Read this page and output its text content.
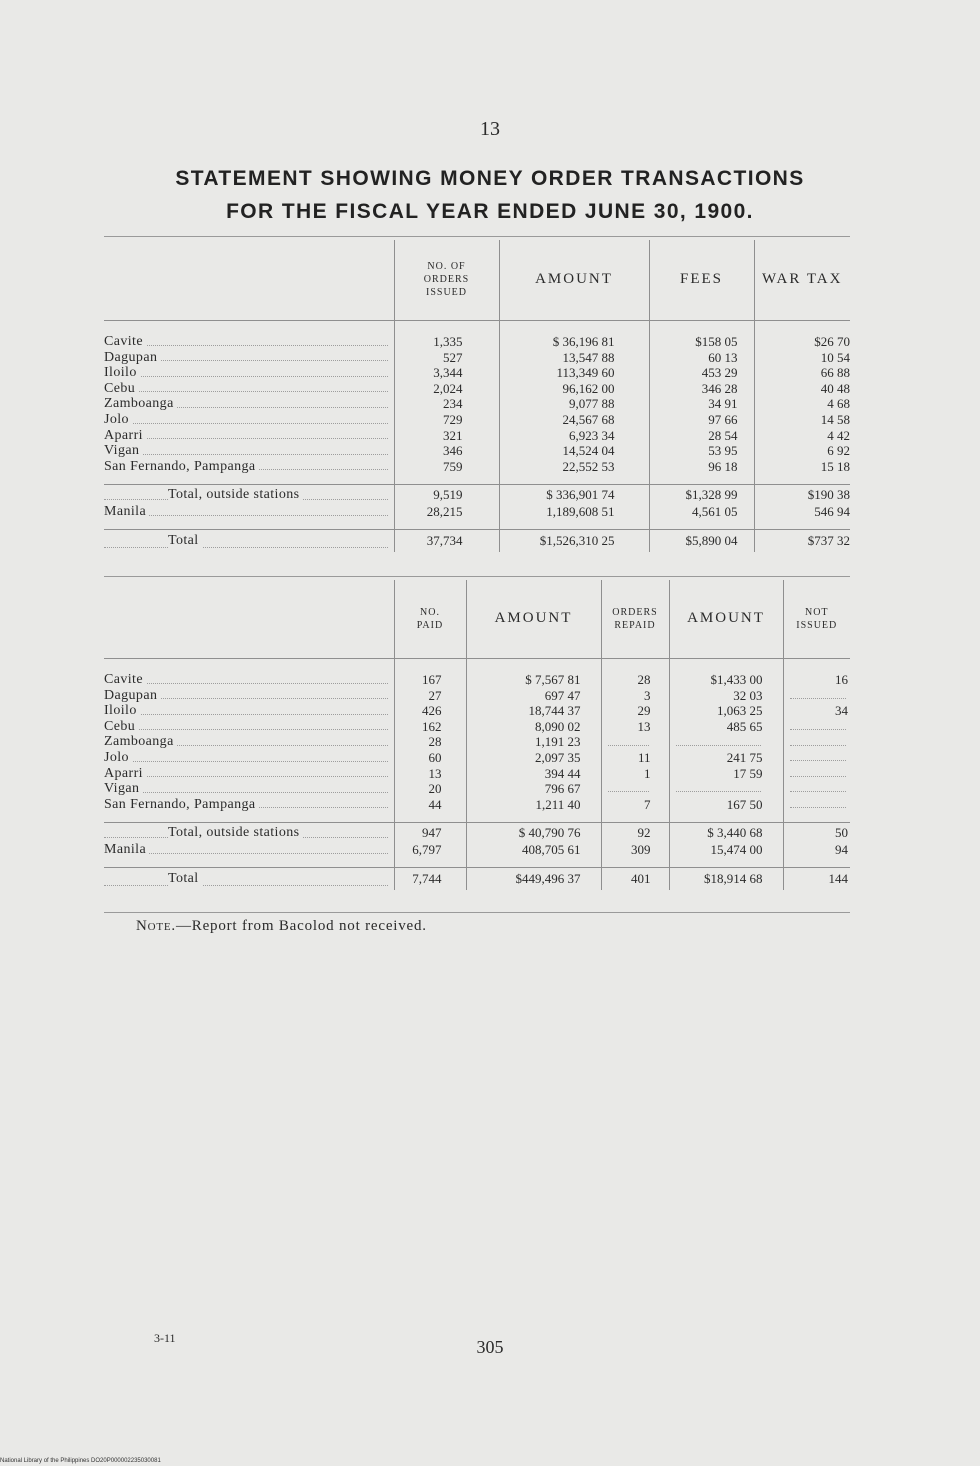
13
STATEMENT SHOWING MONEY ORDER TRANSACTIONS
FOR THE FISCAL YEAR ENDED JUNE 30, 1900.
	NO. OF ORDERS ISSUED	AMOUNT	FEES	WAR TAX

Cavite	1,335	$ 36,196 81	$158 05	$26 70
Dagupan	527	13,547 88	60 13	10 54
Iloilo	3,344	113,349 60	453 29	66 88
Cebu	2,024	96,162 00	346 28	40 48
Zamboanga	234	9,077 88	34 91	4 68
Jolo	729	24,567 68	97 66	14 58
Aparri	321	6,923 34	28 54	4 42
Vigan	346	14,524 04	53 95	6 92
San Fernando, Pampanga	759	22,552 53	96 18	15 18

Total, outside stations	9,519	$ 336,901 74	$1,328 99	$190 38
Manila	28,215	1,189,608 51	4,561 05	546 94

Total	37,734	$1,526,310 25	$5,890 04	$737 32
	NO. PAID	AMOUNT	ORDERS REPAID	AMOUNT	NOT ISSUED

Cavite	167	$ 7,567 81	28	$1,433 00	16
Dagupan	27	697 47	3	32 03	

Iloilo	426	18,744 37	29	1,063 25	34
Cebu	162	8,090 02	13	485 65	

Zamboanga	28	1,191 23	

Jolo	60	2,097 35	11	241 75	

Aparri	13	394 44	1	17 59	

Vigan	20	796 67	

San Fernando, Pampanga	44	1,211 40	7	167 50	

Total, outside stations	947	$ 40,790 76	92	$ 3,440 68	50
Manila	6,797	408,705 61	309	15,474 00	94

Total	7,744	$449,496 37	401	$18,914 68	144
Note.—Report from Bacolod not received.
3-11	305
National Library of the Philippines DO20P000002235030081
